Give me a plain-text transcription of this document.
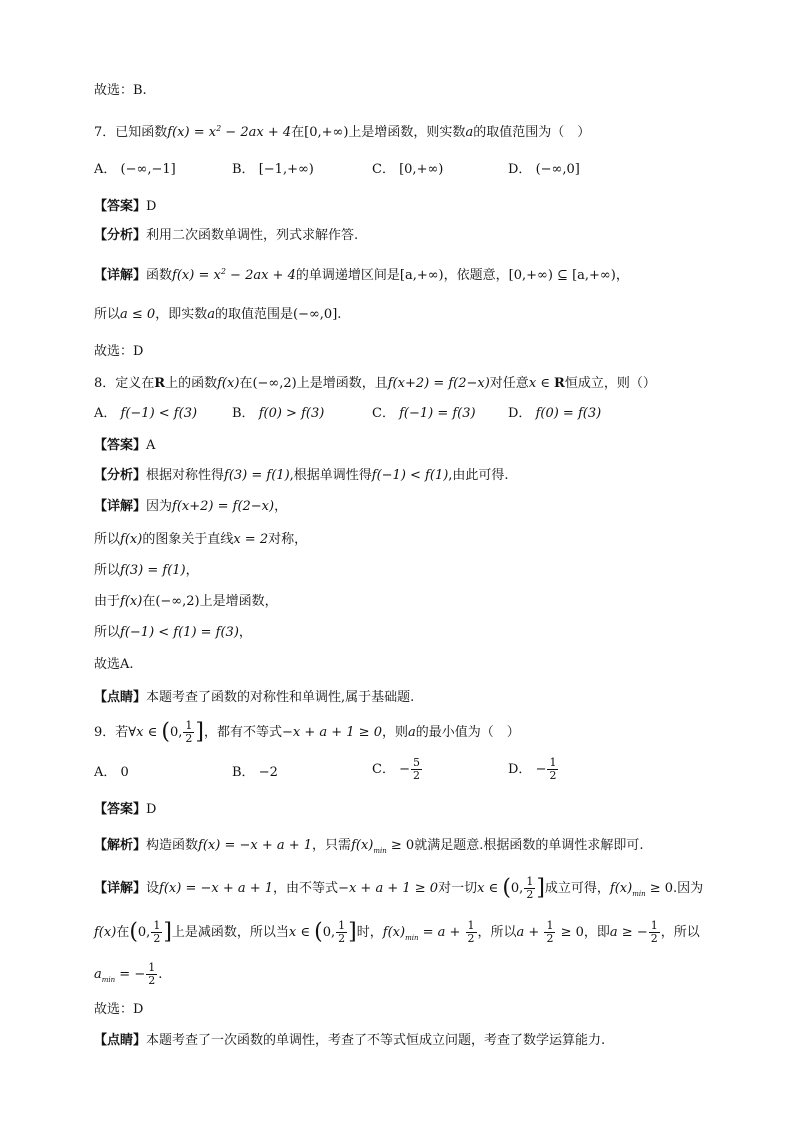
故选：B.
7．已知函数$f(x) = x^2 - 2ax + 4$在[0,+∞)上是增函数，则实数a的取值范围为（　）
A． (−∞,−1]	B． [−1,+∞)	C． [0,+∞)	D． (−∞,0]
【答案】D
【分析】利用二次函数单调性，列式求解作答.
【详解】函数$f(x) = x^2 - 2ax + 4$的单调递增区间是[a,+∞)，依题意，[0,+∞) ⊆ [a,+∞)，
所以a ≤ 0，即实数a的取值范围是(−∞,0].
故选：D
8．定义在R上的函数f(x)在(−∞,2)上是增函数，且f(x+2) = f(2−x)对任意x ∈ R恒成立，则（）
A． f(−1) < f(3)	B． f(0) > f(3)	C． f(−1) = f(3) D． f(0) = f(3)
【答案】A
【分析】根据对称性得f(3) = f(1),根据单调性得f(−1) < f(1),由此可得.
【详解】因为f(x+2) = f(2−x)，
所以f(x)的图象关于直线x = 2对称，
所以f(3) = f(1)，
由于f(x)在(−∞,2)上是增函数，
所以f(−1) < f(1) = f(3)，
故选A.
【点睛】本题考查了函数的对称性和单调性,属于基础题.
9．若∀x ∈ (0, $\frac{1}{2}$ ]，都有不等式−x + a + 1 ≥ 0，则a的最小值为（　）
A． 0	B． −2	C． − $\frac{5}{2}$	D． − $\frac{1}{2}$
【答案】D
【解析】构造函数f(x) = −x + a + 1，只需$f(x)_{min} \ge 0$就满足题意.根据函数的单调性求解即可.
【详解】设f(x) = −x + a + 1，由不等式−x + a + 1 ≥ 0对一切x ∈ (0, $\frac{1}{2}$ ]成立可得，$f(x)_{min} \ge 0$.因为
f(x)在(0, $\frac{1}{2}$ ]上是减函数，所以当x ∈ (0, $\frac{1}{2}$ ]时，$f(x)_{min} = a + \frac{1}{2}$ ，所以$a + \frac{1}{2} \ge 0$，即a ≥ − $\frac{1}{2}$ ，所以
$a_{min}$ = − $\frac{1}{2}$ .
故选：D
【点睛】本题考查了一次函数的单调性，考查了不等式恒成立问题，考查了数学运算能力.
